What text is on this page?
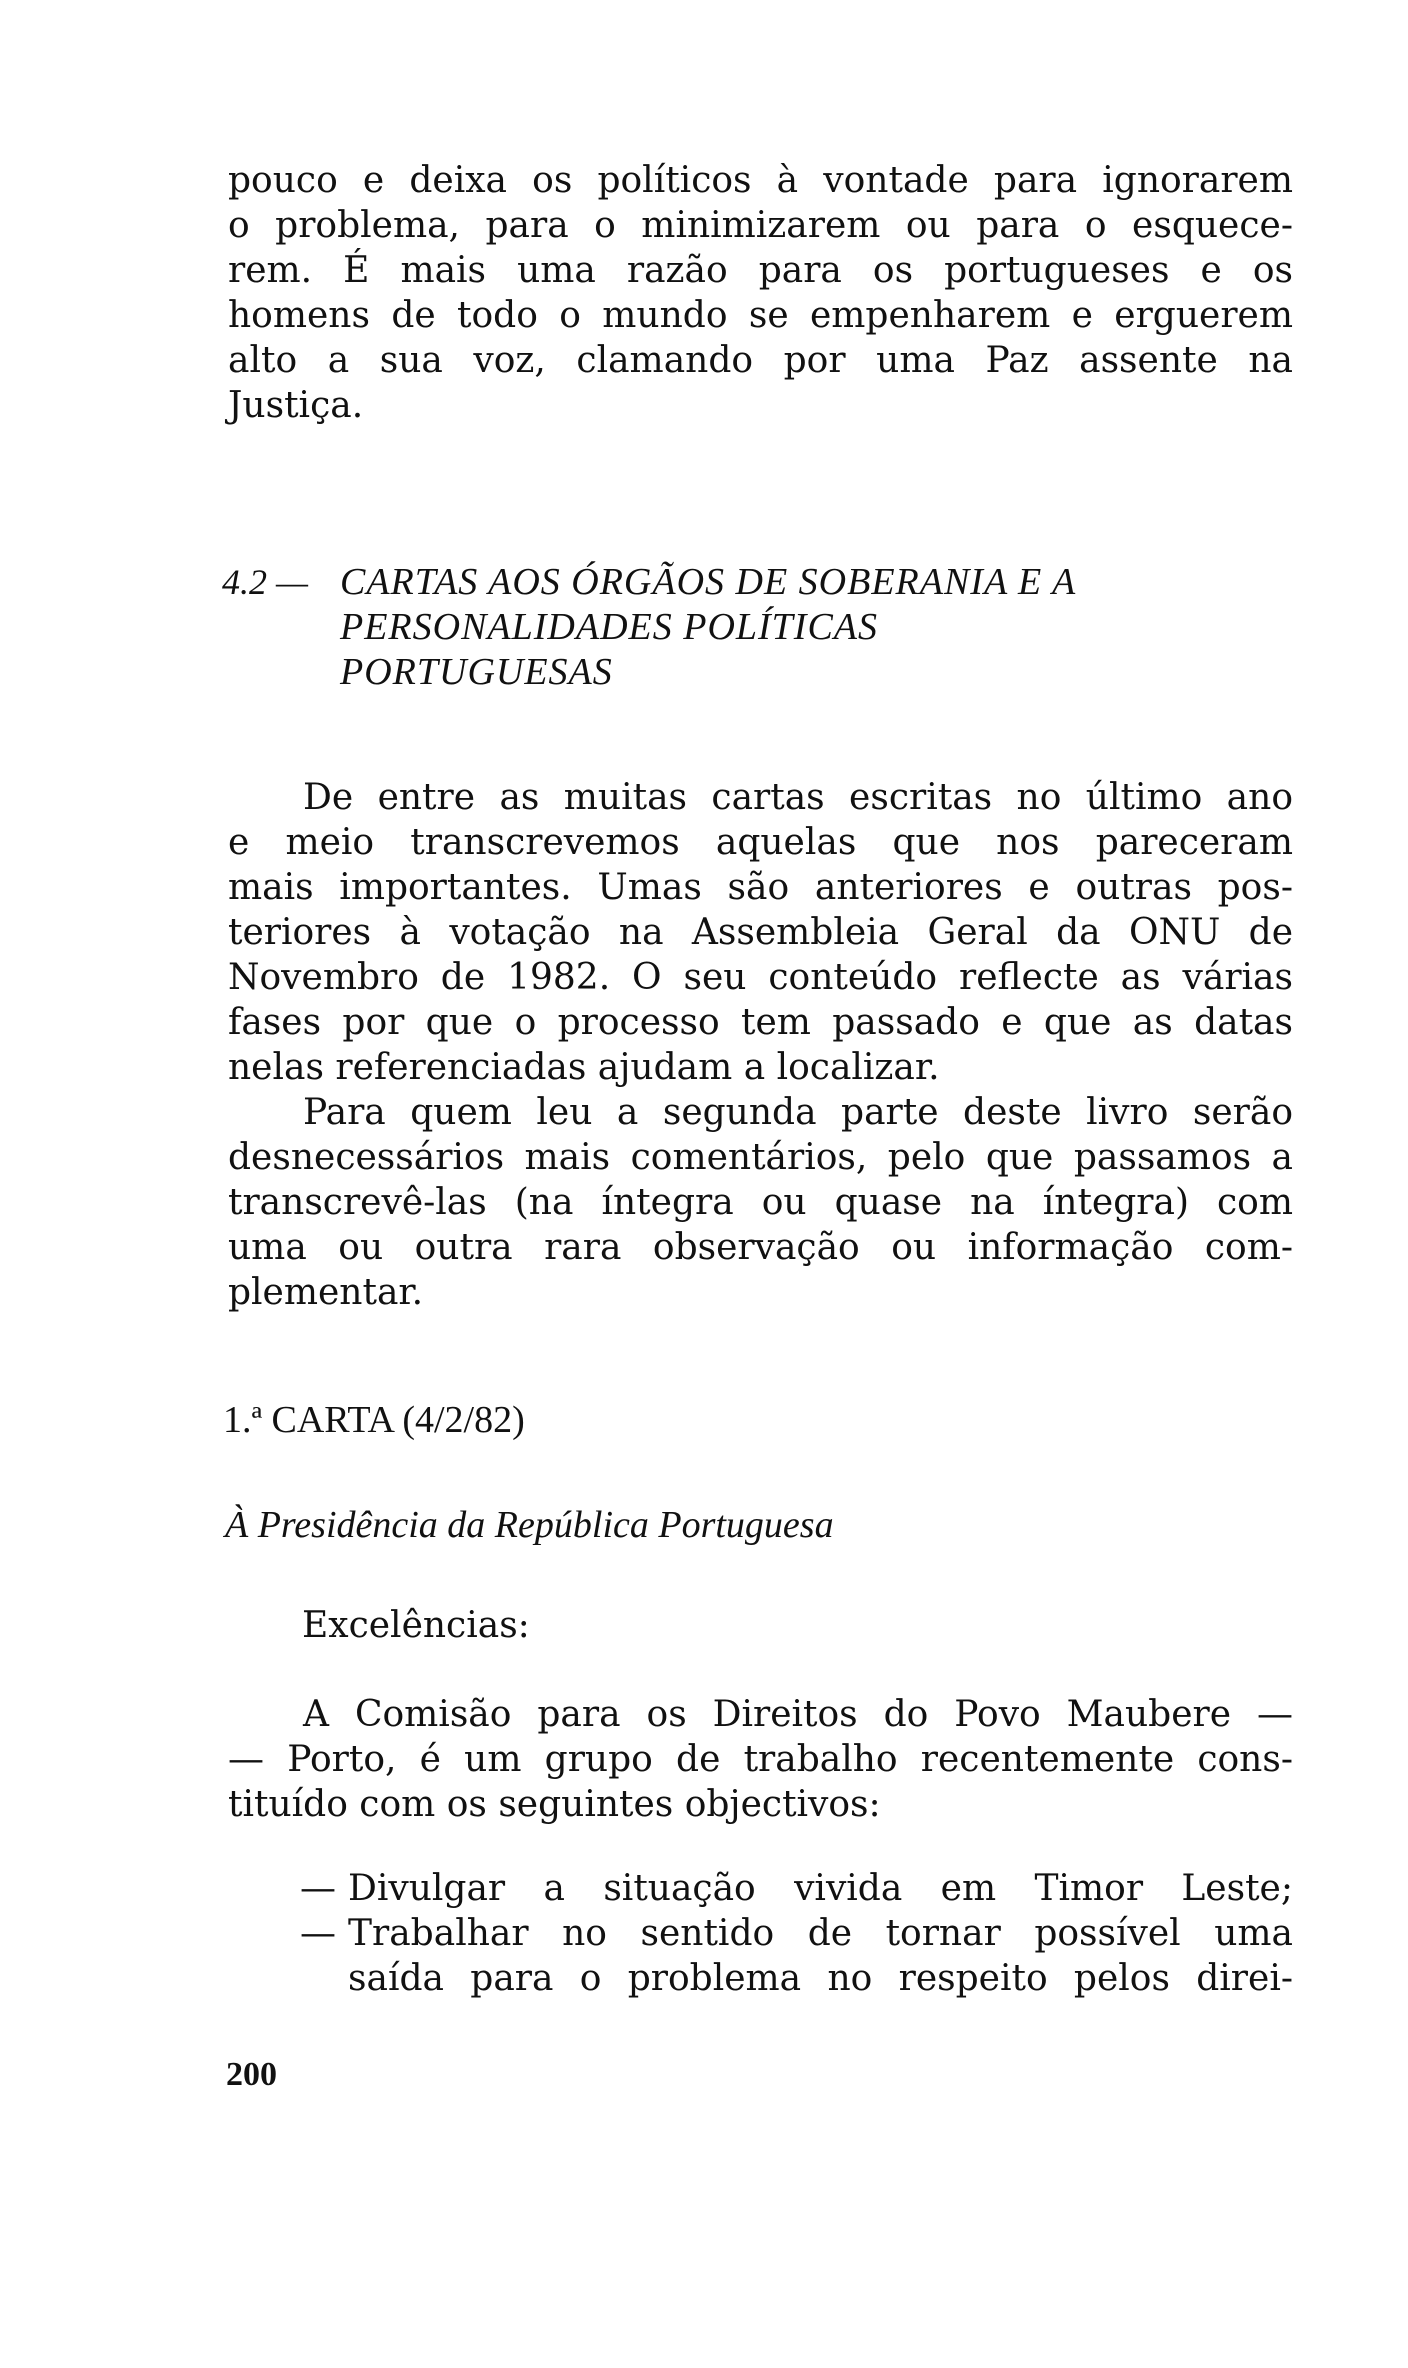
pouco e deixa os políticos à vontade para ignorarem
o problema, para o minimizarem ou para o esquece-
rem. É mais uma razão para os portugueses e os
homens de todo o mundo se empenharem e erguerem
alto a sua voz, clamando por uma Paz assente na
Justiça.
4.2 — CARTAS AOS ÓRGÃOS DE SOBERANIA E A
PERSONALIDADES POLÍTICAS
PORTUGUESAS
De entre as muitas cartas escritas no último ano
e meio transcrevemos aquelas que nos pareceram
mais importantes. Umas são anteriores e outras pos-
teriores à votação na Assembleia Geral da ONU de
Novembro de 1982. O seu conteúdo reflecte as várias
fases por que o processo tem passado e que as datas
nelas referenciadas ajudam a localizar.
Para quem leu a segunda parte deste livro serão
desnecessários mais comentários, pelo que passamos a
transcrevê-las (na íntegra ou quase na íntegra) com
uma ou outra rara observação ou informação com-
plementar.
1.ª CARTA (4/2/82)
À Presidência da República Portuguesa
Excelências:
A Comisão para os Direitos do Povo Maubere —
— Porto, é um grupo de trabalho recentemente cons-
tituído com os seguintes objectivos:
— Divulgar a situação vivida em Timor Leste;
— Trabalhar no sentido de tornar possível uma
saída para o problema no respeito pelos direi-
200
